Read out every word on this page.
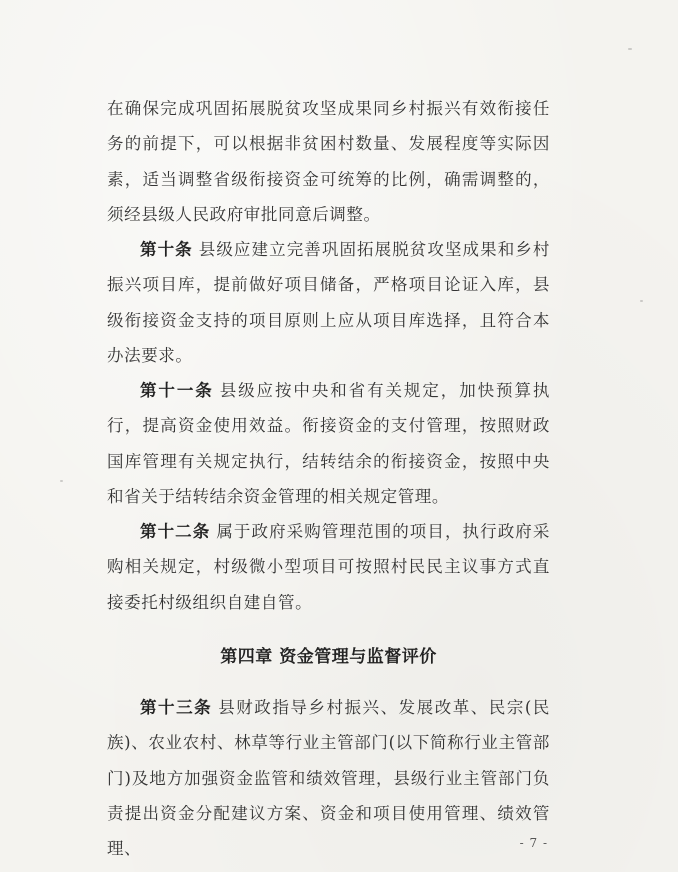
在确保完成巩固拓展脱贫攻坚成果同乡村振兴有效衔接任务的前提下，可以根据非贫困村数量、发展程度等实际因素，适当调整省级衔接资金可统筹的比例，确需调整的，须经县级人民政府审批同意后调整。

第十条 县级应建立完善巩固拓展脱贫攻坚成果和乡村振兴项目库，提前做好项目储备，严格项目论证入库，县级衔接资金支持的项目原则上应从项目库选择，且符合本办法要求。

第十一条 县级应按中央和省有关规定，加快预算执行，提高资金使用效益。衔接资金的支付管理，按照财政国库管理有关规定执行，结转结余的衔接资金，按照中央和省关于结转结余资金管理的相关规定管理。

第十二条 属于政府采购管理范围的项目，执行政府采购相关规定，村级微小型项目可按照村民民主议事方式直接委托村级组织自建自管。

第四章 资金管理与监督评价

第十三条 县财政指导乡村振兴、发展改革、民宗(民族)、农业农村、林草等行业主管部门(以下简称行业主管部门)及地方加强资金监管和绩效管理，县级行业主管部门负责提出资金分配建议方案、资金和项目使用管理、绩效管理、	- 7 -
